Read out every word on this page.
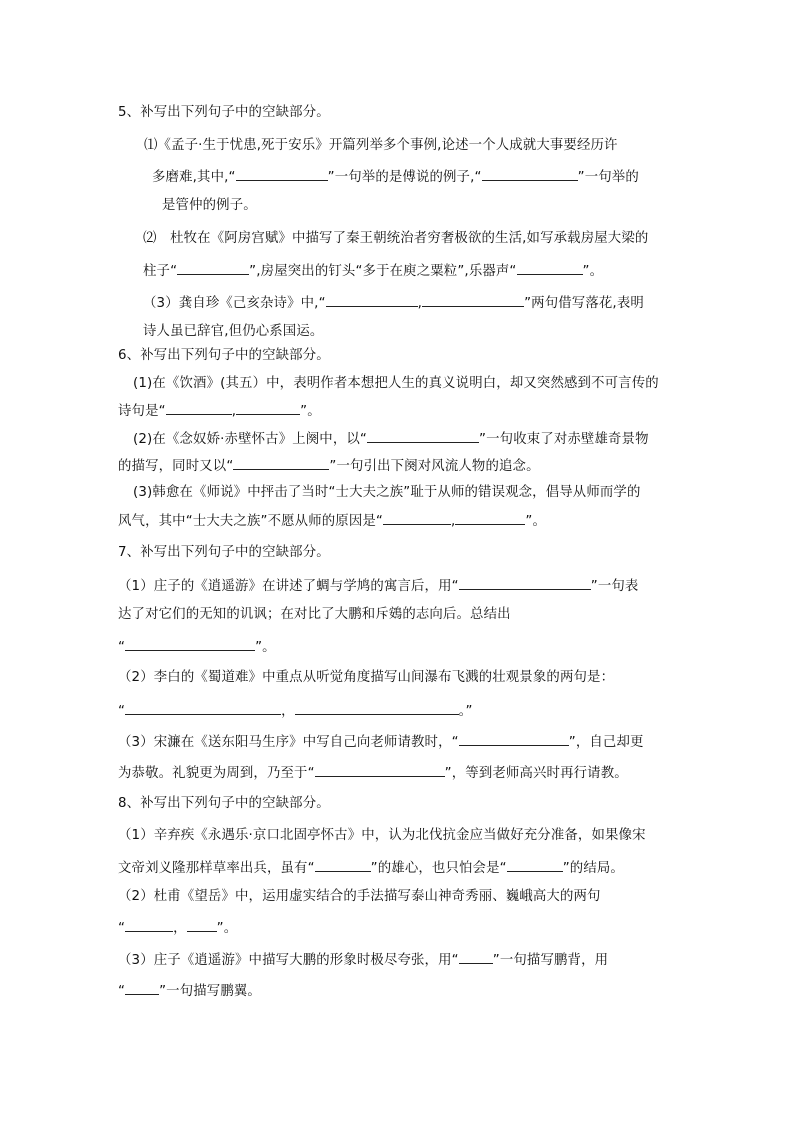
5、补写出下列句子中的空缺部分。
⑴《孟子·生于忧患,死于安乐》开篇列举多个事例,论述一个人成就大事要经历许
多磨难,其中,“	”一句举的是傅说的例子,“	”一句举的
是管仲的例子。
⑵　杜牧在《阿房宫赋》中描写了秦王朝统治者穷奢极欲的生活,如写承载房屋大梁的
柱子“	”,房屋突出的钉头“多于在庾之粟粒”,乐器声“	”。
（3）龚自珍《己亥杂诗》中,“	,	”两句借写落花,表明
诗人虽已辞官,但仍心系国运。
6、补写出下列句子中的空缺部分。
(1)在《饮酒》(其五）中，表明作者本想把人生的真义说明白，却又突然感到不可言传的
诗句是“	,	”。
(2)在《念奴娇·赤壁怀古》上阕中，以“	”一句收束了对赤壁雄奇景物
的描写，同时又以“	”一句引出下阕对风流人物的追念。
(3)韩愈在《师说》中抨击了当时“士大夫之族”耻于从师的错误观念，倡导从师而学的
风气，其中“士大夫之族”不愿从师的原因是“	,	”。
7、补写出下列句子中的空缺部分。
（1）庄子的《逍遥游》在讲述了蜩与学鸠的寓言后，用“	”一句表
达了对它们的无知的讥讽；在对比了大鹏和斥鴳的志向后。总结出
“	”。
（2）李白的《蜀道难》中重点从听觉角度描写山间瀑布飞溅的壮观景象的两句是：
“	，	。”
（3）宋濂在《送东阳马生序》中写自己向老师请教时，“	”，自己却更
为恭敬。礼貌更为周到，乃至于“	”，等到老师高兴时再行请教。
8、补写出下列句子中的空缺部分。
（1）辛弃疾《永遇乐·京口北固亭怀古》中，认为北伐抗金应当做好充分准备，如果像宋
文帝刘义隆那样草率出兵，虽有“	”的雄心，也只怕会是“	”的结局。
（2）杜甫《望岳》中，运用虚实结合的手法描写泰山神奇秀丽、巍峨高大的两句
“	， ”。
（3）庄子《逍遥游》中描写大鹏的形象时极尽夸张，用“	”一句描写鹏背，用
“	”一句描写鹏翼。
